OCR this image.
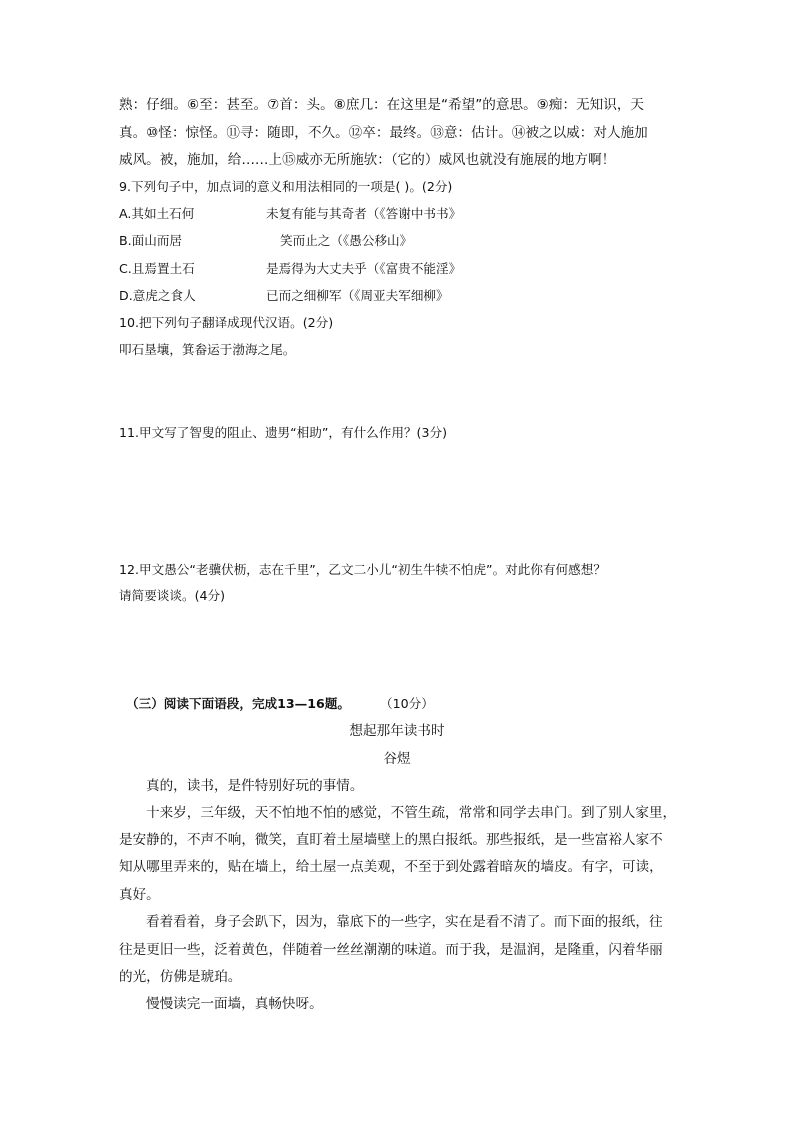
熟：仔细。⑥至：甚至。⑦首：头。⑧庶几：在这里是“希望”的意思。⑨痴：无知识，天
真。⑩怪：惊怪。⑪寻：随即，不久。⑫卒：最终。⑬意：估计。⑭被之以威：对人施加
威风。被，施加，给……上⑮威亦无所施欤：（它的）威风也就没有施展的地方啊！
9.下列句子中，加点词的意义和用法相同的一项是( )。(2分)
A.其如土石何	未复有能与其奇者（《答谢中书书》
B.面山而居	笑而止之（《愚公移山》
C.且焉置土石	是焉得为大丈夫乎（《富贵不能淫》
D.意虎之食人	已而之细柳军（《周亚夫军细柳》
10.把下列句子翻译成现代汉语。(2分)
叩石垦壤，箕畚运于渤海之尾。
11.甲文写了智叟的阻止、遗男“相助”，有什么作用？(3分)
12.甲文愚公“老骥伏枥，志在千里”，乙文二小儿“初生牛犊不怕虎”。对此你有何感想？
请简要谈谈。(4分)
（三）阅读下面语段，完成13—16题。 （10分）
想起那年读书时
谷煜
真的，读书，是件特别好玩的事情。
十来岁，三年级，天不怕地不怕的感觉，不管生疏，常常和同学去串门。到了别人家里，
是安静的，不声不响，微笑，直盯着土屋墙壁上的黑白报纸。那些报纸，是一些富裕人家不
知从哪里弄来的，贴在墙上，给土屋一点美观，不至于到处露着暗灰的墙皮。有字，可读，
真好。
看着看着，身子会趴下，因为，靠底下的一些字，实在是看不清了。而下面的报纸，往
往是更旧一些，泛着黄色，伴随着一丝丝潮潮的味道。而于我，是温润，是隆重，闪着华丽
的光，仿佛是琥珀。
慢慢读完一面墙，真畅快呀。
